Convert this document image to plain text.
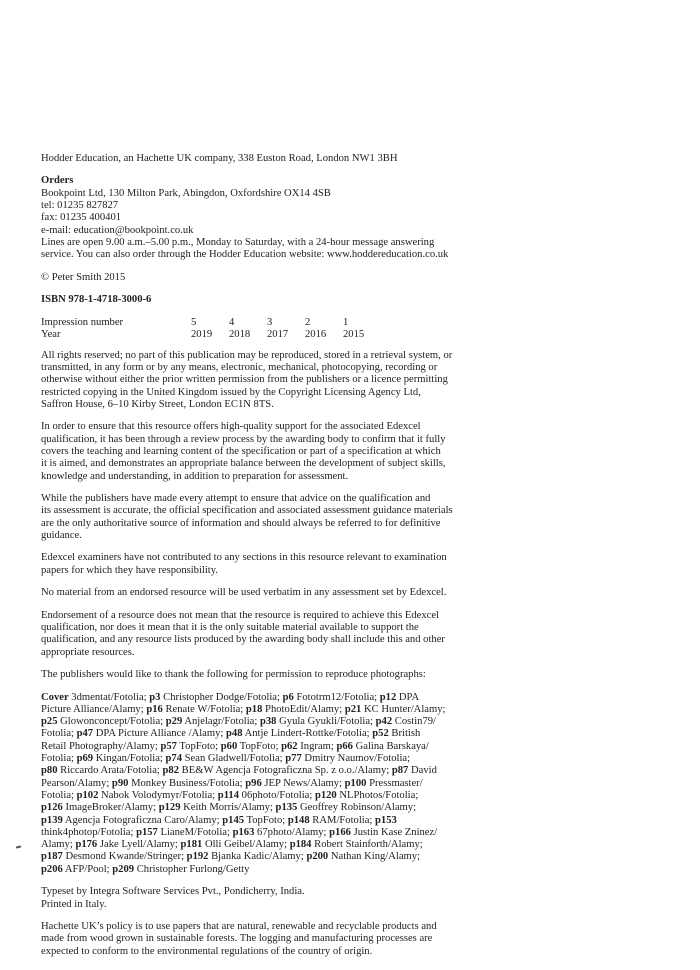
Hodder Education, an Hachette UK company, 338 Euston Road, London NW1 3BH

Orders
Bookpoint Ltd, 130 Milton Park, Abingdon, Oxfordshire OX14 4SB
tel: 01235 827827
fax: 01235 400401
e-mail: education@bookpoint.co.uk
Lines are open 9.00 a.m.–5.00 p.m., Monday to Saturday, with a 24-hour message answering
service. You can also order through the Hodder Education website: www.hoddereducation.co.uk

© Peter Smith 2015

ISBN 978-1-4718-3000-6

Impression number	5	4	3	2	1
Year	2019	2018	2017	2016	2015
All rights reserved; no part of this publication may be reproduced, stored in a retrieval system, or
transmitted, in any form or by any means, electronic, mechanical, photocopying, recording or
otherwise without either the prior written permission from the publishers or a licence permitting
restricted copying in the United Kingdom issued by the Copyright Licensing Agency Ltd,
Saffron House, 6–10 Kirby Street, London EC1N 8TS.
In order to ensure that this resource offers high-quality support for the associated Edexcel
qualification, it has been through a review process by the awarding body to confirm that it fully
covers the teaching and learning content of the specification or part of a specification at which
it is aimed, and demonstrates an appropriate balance between the development of subject skills,
knowledge and understanding, in addition to preparation for assessment.
While the publishers have made every attempt to ensure that advice on the qualification and
its assessment is accurate, the official specification and associated assessment guidance materials
are the only authoritative source of information and should always be referred to for definitive
guidance.
Edexcel examiners have not contributed to any sections in this resource relevant to examination
papers for which they have responsibility.
No material from an endorsed resource will be used verbatim in any assessment set by Edexcel.
Endorsement of a resource does not mean that the resource is required to achieve this Edexcel
qualification, nor does it mean that it is the only suitable material available to support the
qualification, and any resource lists produced by the awarding body shall include this and other
appropriate resources.
The publishers would like to thank the following for permission to reproduce photographs:
Cover 3dmentat/Fotolia; p3 Christopher Dodge/Fotolia; p6 Fototrm12/Fotolia; p12 DPA
Picture Alliance/Alamy; p16 Renate W/Fotolia; p18 PhotoEdit/Alamy; p21 KC Hunter/Alamy;
p25 Glowonconcept/Fotolia; p29 Anjelagr/Fotolia; p38 Gyula Gyukli/Fotolia; p42 Costin79/
Fotolia; p47 DPA Picture Alliance /Alamy; p48 Antje Lindert-Rottke/Fotolia; p52 British
Retail Photography/Alamy; p57 TopFoto; p60 TopFoto; p62 Ingram; p66 Galina Barskaya/
Fotolia; p69 Kingan/Fotolia; p74 Sean Gladwell/Fotolia; p77 Dmitry Naumov/Fotolia;
p80 Riccardo Arata/Fotolia; p82 BE&W Agencja Fotograficzna Sp. z o.o./Alamy; p87 David
Pearson/Alamy; p90 Monkey Business/Fotolia; p96 JEP News/Alamy; p100 Pressmaster/
Fotolia; p102 Nabok Volodymyr/Fotolia; p114 06photo/Fotolia; p120 NLPhotos/Fotolia;
p126 ImageBroker/Alamy; p129 Keith Morris/Alamy; p135 Geoffrey Robinson/Alamy;
p139 Agencja Fotograficzna Caro/Alamy; p145 TopFoto; p148 RAM/Fotolia; p153
think4photop/Fotolia; p157 LianeM/Fotolia; p163 67photo/Alamy; p166 Justin Kase Zninez/
Alamy; p176 Jake Lyell/Alamy; p181 Olli Geibel/Alamy; p184 Robert Stainforth/Alamy;
p187 Desmond Kwande/Stringer; p192 Bjanka Kadic/Alamy; p200 Nathan King/Alamy;
p206 AFP/Pool; p209 Christopher Furlong/Getty
Typeset by Integra Software Services Pvt., Pondicherry, India.
Printed in Italy.
Hachette UK’s policy is to use papers that are natural, renewable and recyclable products and
made from wood grown in sustainable forests. The logging and manufacturing processes are
expected to conform to the environmental regulations of the country of origin.
